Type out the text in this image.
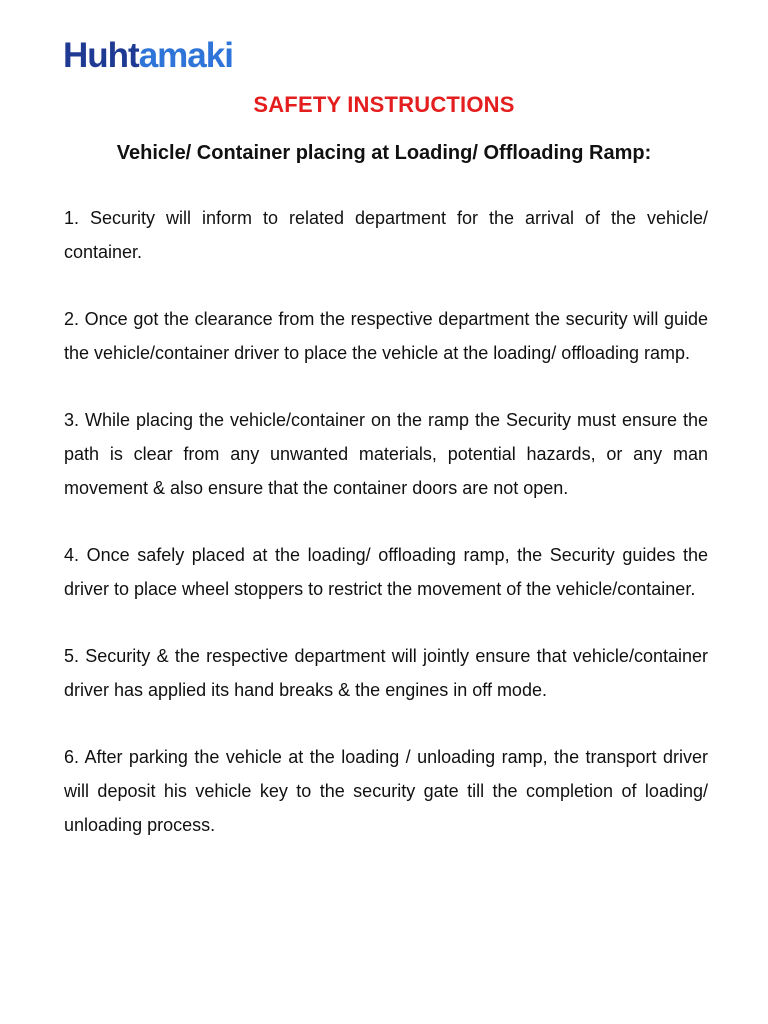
Huhtamaki
SAFETY INSTRUCTIONS
Vehicle/ Container placing at Loading/ Offloading Ramp:

1. Security will inform to related department for the arrival of the vehicle/ container.

2. Once got the clearance from the respective department the security will guide the vehicle/container driver to place the vehicle at the loading/ offloading ramp.

3. While placing the vehicle/container on the ramp the Security must ensure the path is clear from any unwanted materials, potential hazards, or any man movement & also ensure that the container doors are not open.

4. Once safely placed at the loading/ offloading ramp, the Security guides the driver to place wheel stoppers to restrict the movement of the vehicle/container.

5. Security & the respective department will jointly ensure that vehicle/container driver has applied its hand breaks & the engines in off mode.

6. After parking the vehicle at the loading / unloading ramp, the transport driver will deposit his vehicle key to the security gate till the completion of loading/ unloading process.
